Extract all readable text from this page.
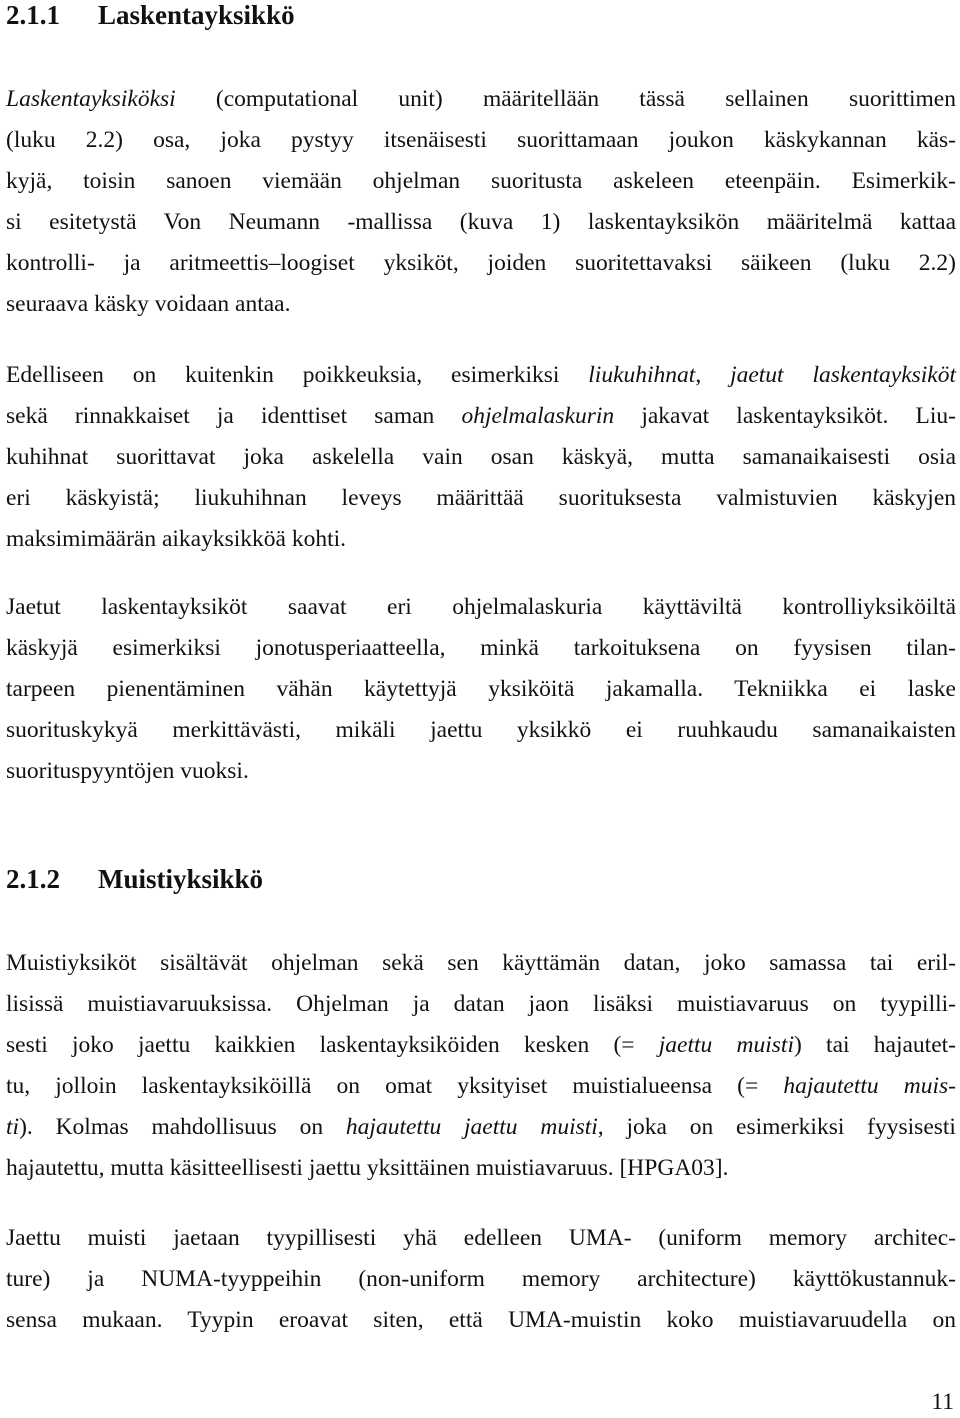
2.1.1 Laskentayksikkö

Laskentayksiköksi (computational unit) määritellään tässä sellainen suorittimen
(luku 2.2) osa, joka pystyy itsenäisesti suorittamaan joukon käskykannan käs-
kyjä, toisin sanoen viemään ohjelman suoritusta askeleen eteenpäin. Esimerkik-
si esitetystä Von Neumann -mallissa (kuva 1) laskentayksikön määritelmä kattaa
kontrolli- ja aritmeettis–loogiset yksiköt, joiden suoritettavaksi säikeen (luku 2.2)
seuraava käsky voidaan antaa.

Edelliseen on kuitenkin poikkeuksia, esimerkiksi liukuhihnat, jaetut laskentayksiköt
sekä rinnakkaiset ja identtiset saman ohjelmalaskurin jakavat laskentayksiköt. Liu-
kuhihnat suorittavat joka askelella vain osan käskyä, mutta samanaikaisesti osia
eri käskyistä; liukuhihnan leveys määrittää suorituksesta valmistuvien käskyjen
maksimimäärän aikayksikköä kohti.

Jaetut laskentayksiköt saavat eri ohjelmalaskuria käyttäviltä kontrolliyksiköiltä
käskyjä esimerkiksi jonotusperiaatteella, minkä tarkoituksena on fyysisen tilan-
tarpeen pienentäminen vähän käytettyjä yksiköitä jakamalla. Tekniikka ei laske
suorituskykyä merkittävästi, mikäli jaettu yksikkö ei ruuhkaudu samanaikaisten
suorituspyyntöjen vuoksi.

2.1.2 Muistiyksikkö

Muistiyksiköt sisältävät ohjelman sekä sen käyttämän datan, joko samassa tai eril-
lisissä muistiavaruuksissa. Ohjelman ja datan jaon lisäksi muistiavaruus on tyypilli-
sesti joko jaettu kaikkien laskentayksiköiden kesken (= jaettu muisti) tai hajautet-
tu, jolloin laskentayksiköillä on omat yksityiset muistialueensa (= hajautettu muis-
ti). Kolmas mahdollisuus on hajautettu jaettu muisti, joka on esimerkiksi fyysisesti
hajautettu, mutta käsitteellisesti jaettu yksittäinen muistiavaruus. [HPGA03].

Jaettu muisti jaetaan tyypillisesti yhä edelleen UMA- (uniform memory architec-
ture) ja NUMA-tyyppeihin (non-uniform memory architecture) käyttökustannuk-
sensa mukaan. Tyypin eroavat siten, että UMA-muistin koko muistiavaruudella on

11
